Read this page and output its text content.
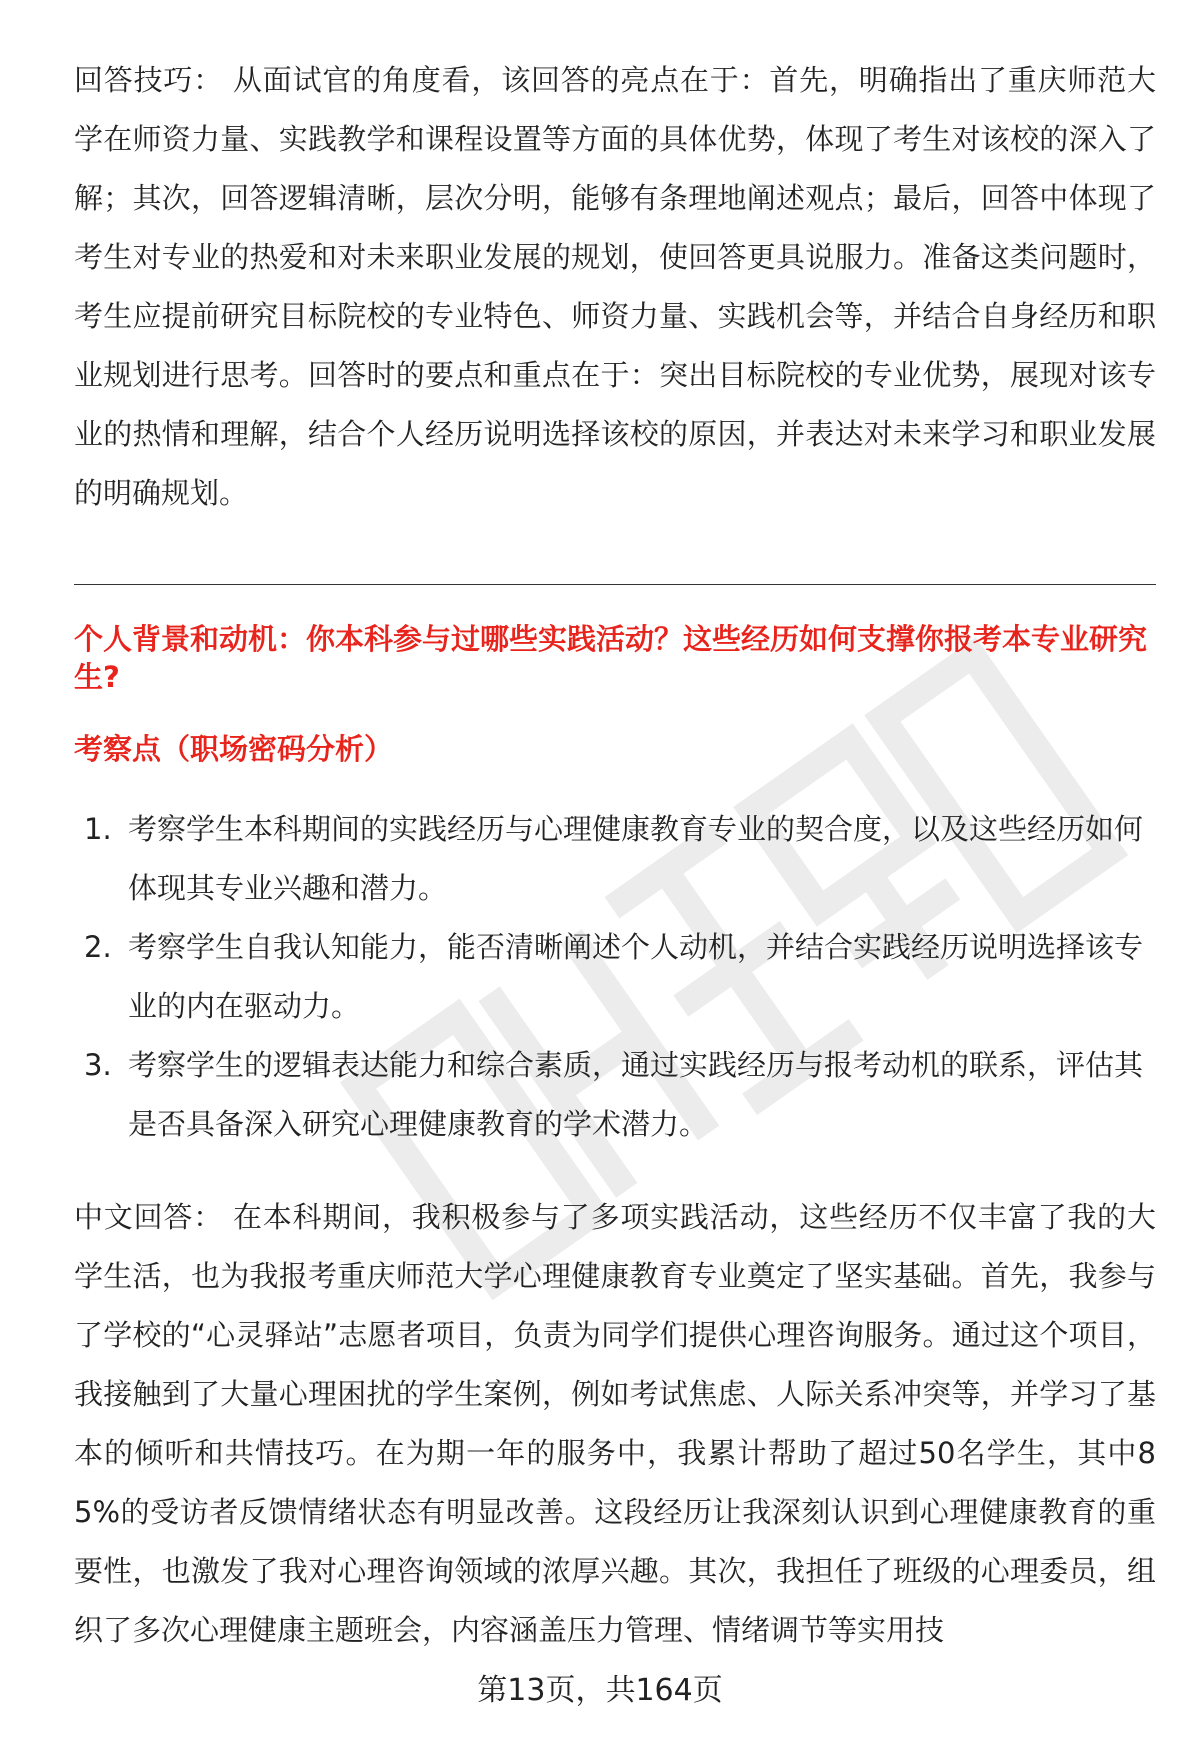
回答技巧： 从面试官的角度看，该回答的亮点在于：首先，明确指出了重庆师范大学在师资力量、实践教学和课程设置等方面的具体优势，体现了考生对该校的深入了解；其次，回答逻辑清晰，层次分明，能够有条理地阐述观点；最后，回答中体现了考生对专业的热爱和对未来职业发展的规划，使回答更具说服力。准备这类问题时，考生应提前研究目标院校的专业特色、师资力量、实践机会等，并结合自身经历和职业规划进行思考。回答时的要点和重点在于：突出目标院校的专业优势，展现对该专业的热情和理解，结合个人经历说明选择该校的原因，并表达对未来学习和职业发展的明确规划。

个人背景和动机：你本科参与过哪些实践活动？这些经历如何支撑你报考本专业研究生?

考察点（职场密码分析）

1. 考察学生本科期间的实践经历与心理健康教育专业的契合度，以及这些经历如何体现其专业兴趣和潜力。
2. 考察学生自我认知能力，能否清晰阐述个人动机，并结合实践经历说明选择该专业的内在驱动力。
3. 考察学生的逻辑表达能力和综合素质，通过实践经历与报考动机的联系，评估其是否具备深入研究心理健康教育的学术潜力。

中文回答： 在本科期间，我积极参与了多项实践活动，这些经历不仅丰富了我的大学生活，也为我报考重庆师范大学心理健康教育专业奠定了坚实基础。首先，我参与了学校的“心灵驿站”志愿者项目，负责为同学们提供心理咨询服务。通过这个项目，我接触到了大量心理困扰的学生案例，例如考试焦虑、人际关系冲突等，并学习了基本的倾听和共情技巧。在为期一年的服务中，我累计帮助了超过50名学生，其中85%的受访者反馈情绪状态有明显改善。这段经历让我深刻认识到心理健康教育的重要性，也激发了我对心理咨询领域的浓厚兴趣。其次，我担任了班级的心理委员，组织了多次心理健康主题班会，内容涵盖压力管理、情绪调节等实用技

第13页，共164页
